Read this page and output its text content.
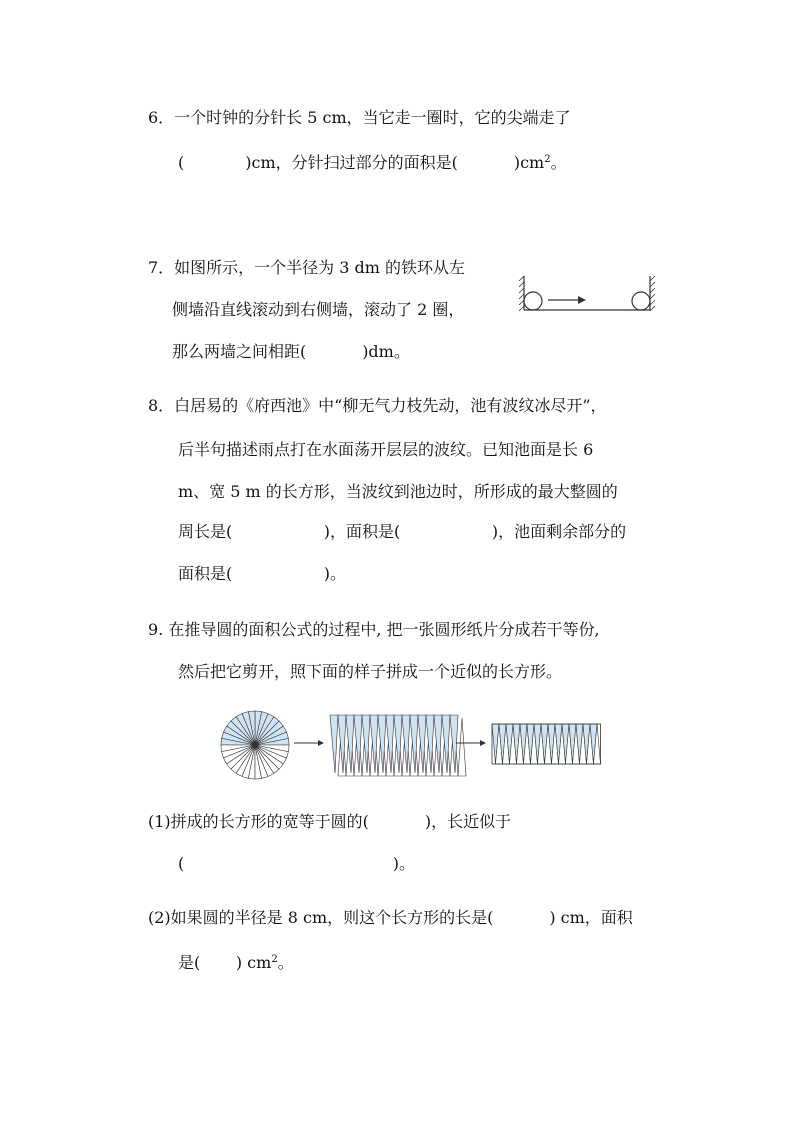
6．一个时钟的分针长 5 cm，当它走一圈时，它的尖端走了
(            )cm，分针扫过部分的面积是(           )$cm^2$。
7．如图所示，一个半径为 3 dm 的铁环从左
侧墙沿直线滚动到右侧墙，滚动了 2 圈，
那么两墙之间相距(           )dm。
8．白居易的《府西池》中“柳无气力枝先动，池有波纹冰尽开”，
后半句描述雨点打在水面荡开层层的波纹。已知池面是长 6
m、宽 5 m 的长方形，当波纹到池边时，所形成的最大整圆的
周长是(                  )，面积是(                  )，池面剩余部分的
面积是(                  )。
9. 在推导圆的面积公式的过程中, 把一张圆形纸片分成若干等份,
然后把它剪开，照下面的样子拼成一个近似的长方形。
(1)拼成的长方形的宽等于圆的(           )，长近似于
(                                         )。
(2)如果圆的半径是 8 cm，则这个长方形的长是(           ) cm，面积
是(       ) $cm^2$。
